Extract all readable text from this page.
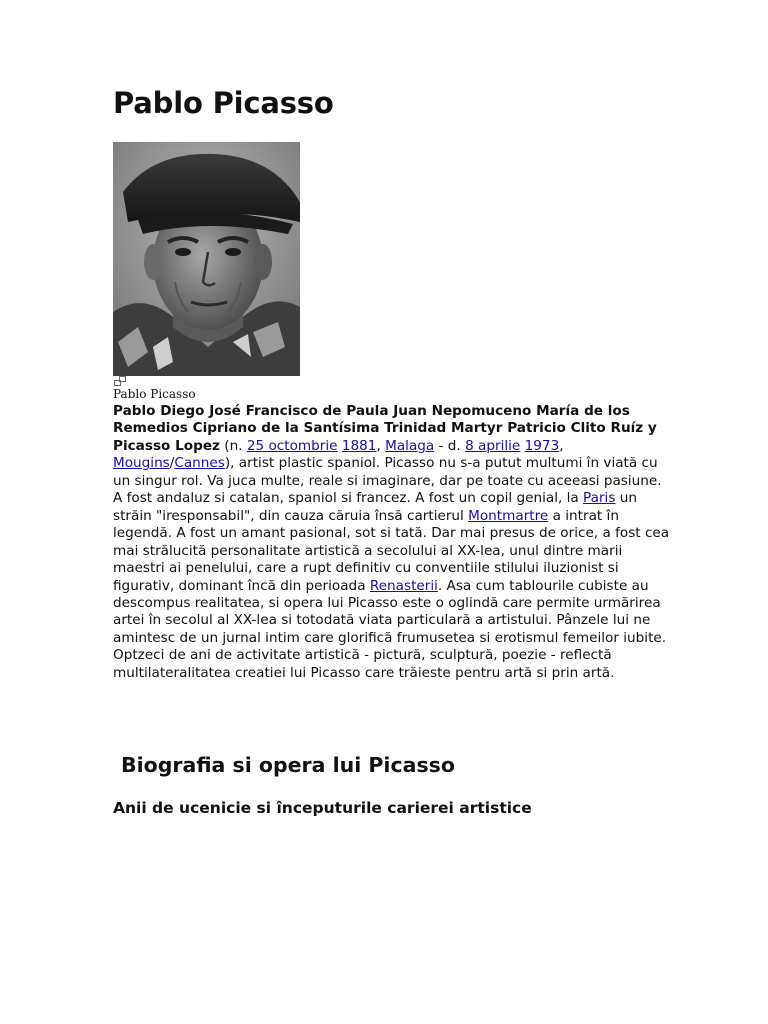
Pablo Picasso
Pablo Picasso
Pablo Diego José Francisco de Paula Juan Nepomuceno María de los Remedios Cipriano de la Santísima Trinidad Martyr Patricio Clito Ruíz y Picasso Lopez (n. 25 octombrie 1881, Malaga - d. 8 aprilie 1973, Mougins/Cannes), artist plastic spaniol. Picasso nu s-a putut multumi în viată cu un singur rol. Va juca multe, reale si imaginare, dar pe toate cu aceeasi pasiune. A fost andaluz si catalan, spaniol si francez. A fost un copil genial, la Paris un străin "iresponsabil", din cauza căruia însă cartierul Montmartre a intrat în legendă. A fost un amant pasional, sot si tată. Dar mai presus de orice, a fost cea mai strălucită personalitate artistică a secolului al XX-lea, unul dintre marii maestri ai penelului, care a rupt definitiv cu conventiile stilului iluzionist si figurativ, dominant încă din perioada Renasterii. Asa cum tablourile cubiste au descompus realitatea, si opera lui Picasso este o oglindă care permite urmărirea artei în secolul al XX-lea si totodată viata particulară a artistului. Pânzele lui ne amintesc de un jurnal intim care glorifică frumusetea si erotismul femeilor iubite. Optzeci de ani de activitate artistică - pictură, sculptură, poezie - reflectă multilateralitatea creatiei lui Picasso care trăieste pentru artă si prin artă.
Biografia si opera lui Picasso
Anii de ucenicie si începuturile carierei artistice
